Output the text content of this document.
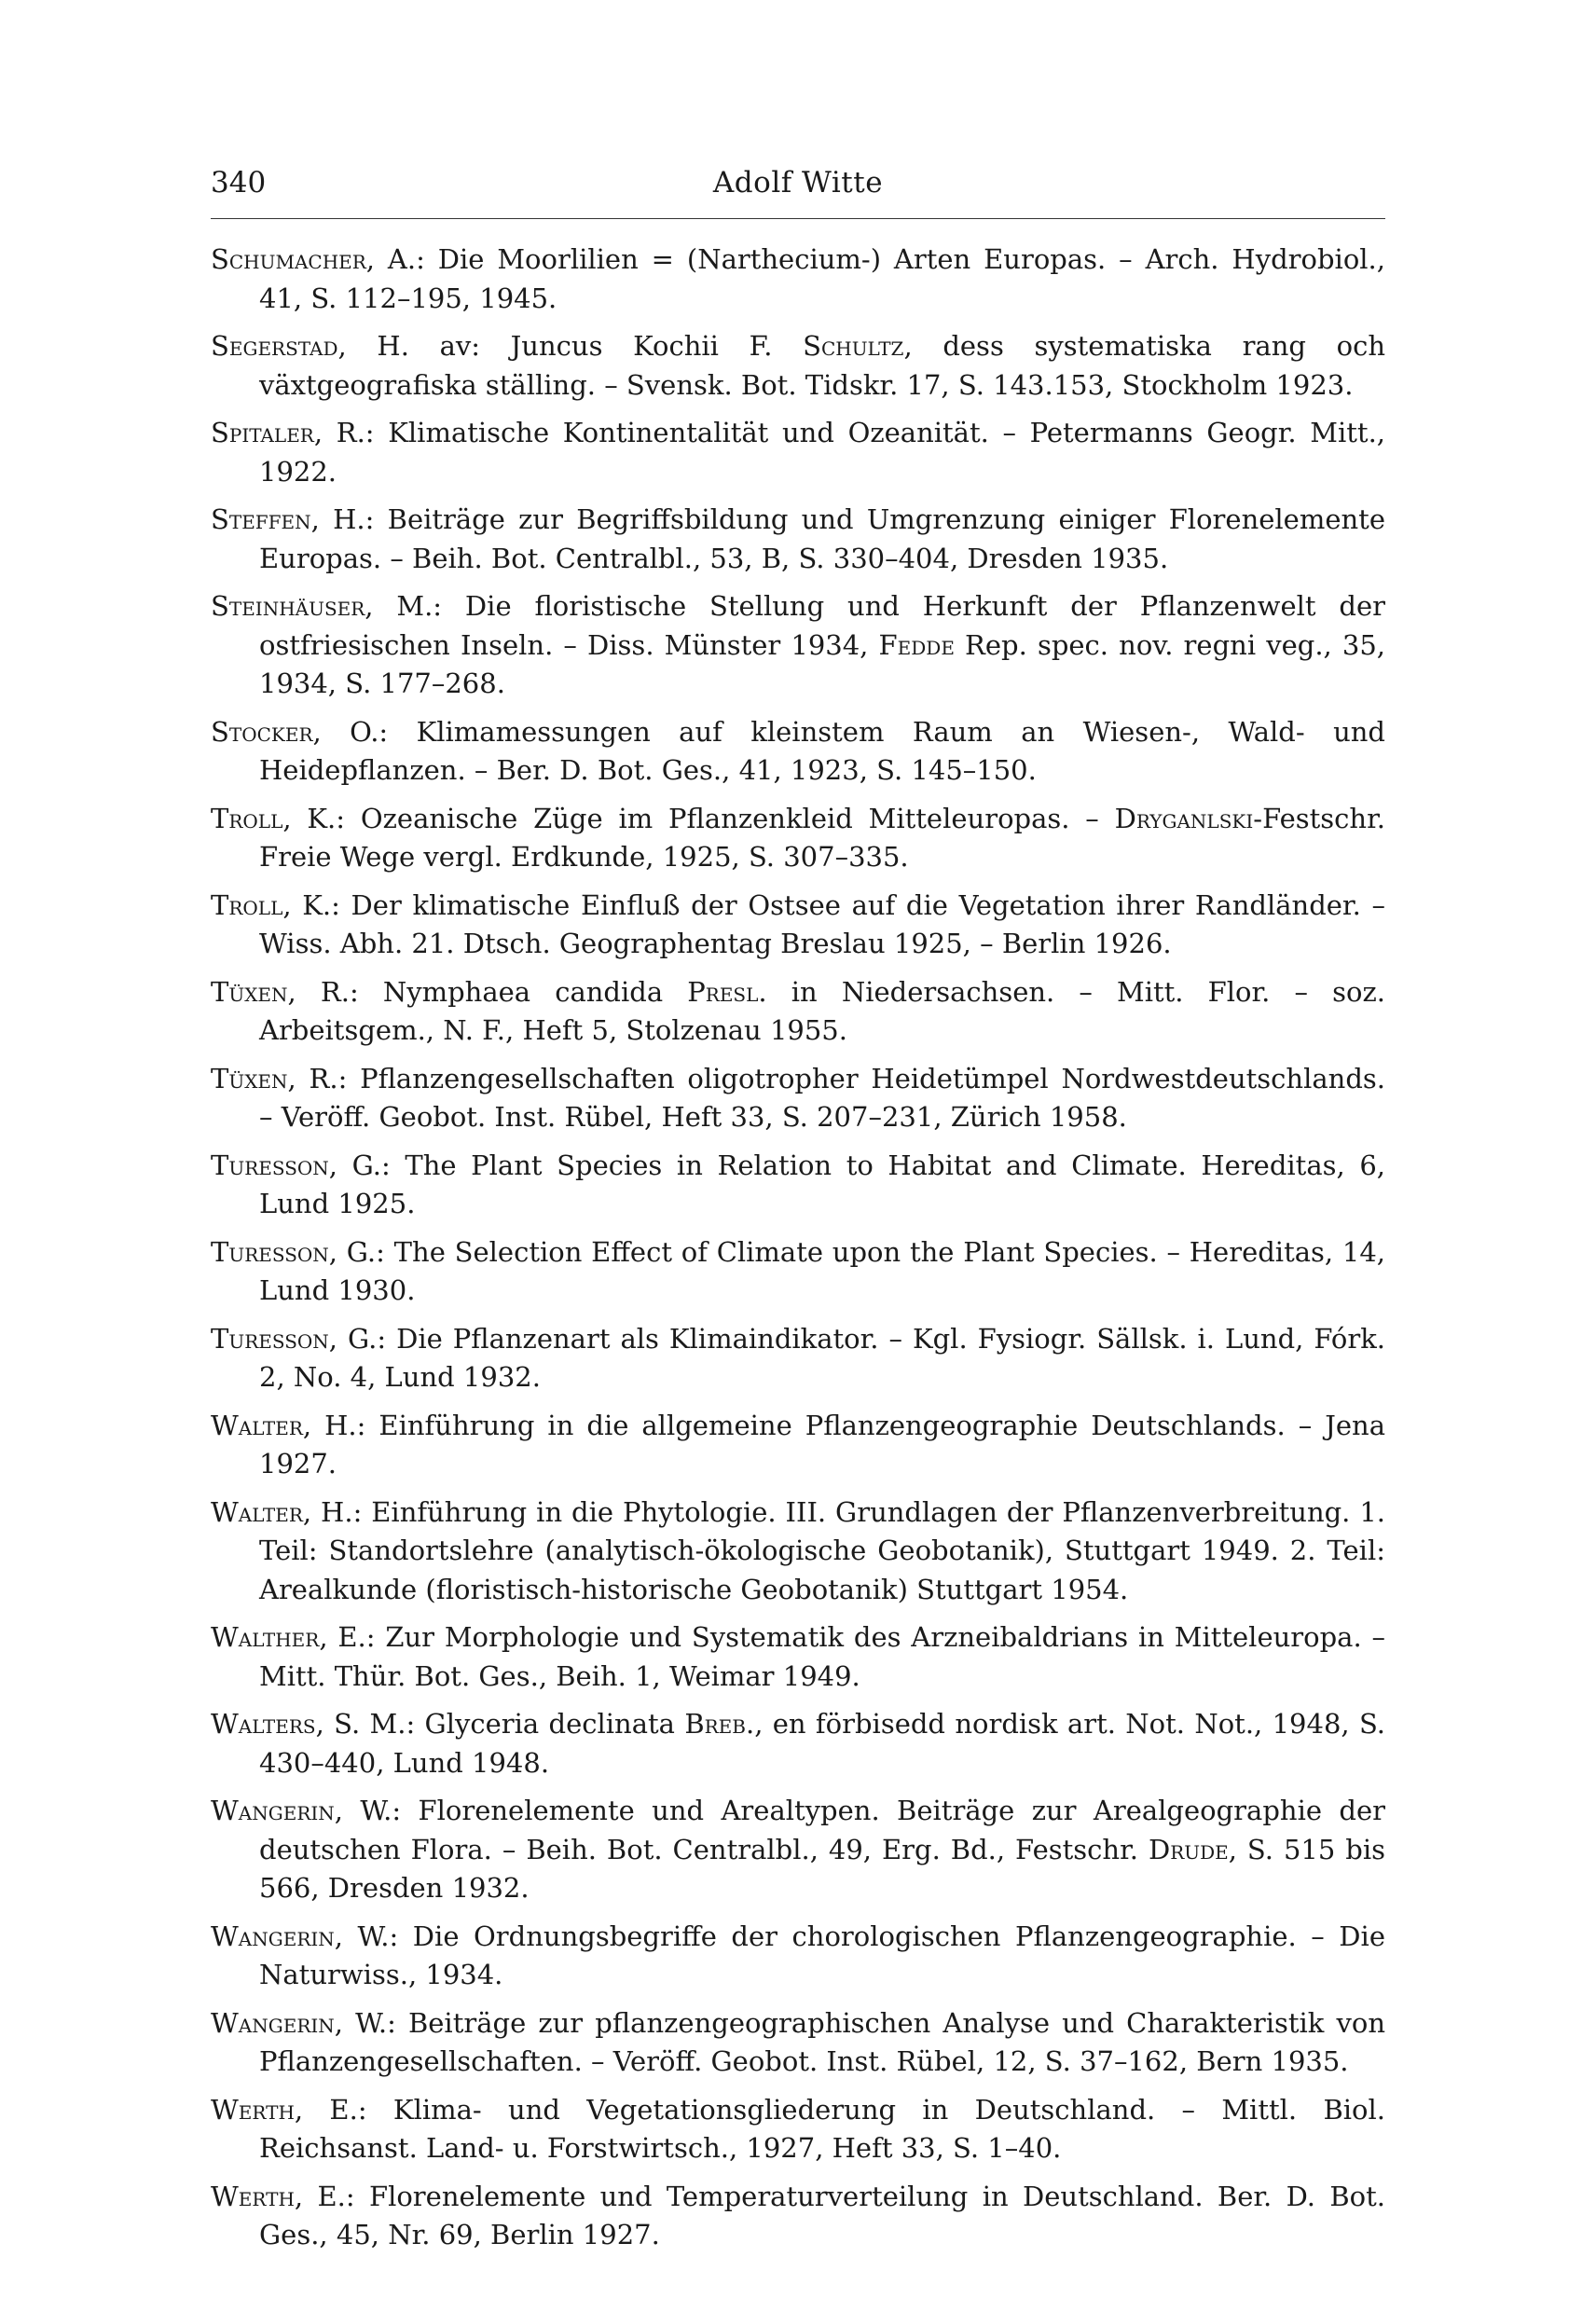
340	Adolf Witte

Schumacher, A.: Die Moorlilien = (Narthecium-) Arten Europas. – Arch. Hydrobiol., 41, S. 112–195, 1945.

Segerstad, H. av: Juncus Kochii F. Schultz, dess systematiska rang och växtgeografiska ställing. – Svensk. Bot. Tidskr. 17, S. 143.153, Stockholm 1923.

Spitaler, R.: Klimatische Kontinentalität und Ozeanität. – Petermanns Geogr. Mitt., 1922.

Steffen, H.: Beiträge zur Begriffsbildung und Umgrenzung einiger Florenelemente Europas. – Beih. Bot. Centralbl., 53, B, S. 330–404, Dresden 1935.

Steinhäuser, M.: Die floristische Stellung und Herkunft der Pflanzenwelt der ostfriesischen Inseln. – Diss. Münster 1934, Fedde Rep. spec. nov. regni veg., 35, 1934, S. 177–268.

Stocker, O.: Klimamessungen auf kleinstem Raum an Wiesen-, Wald- und Heidepflanzen. – Ber. D. Bot. Ges., 41, 1923, S. 145–150.

Troll, K.: Ozeanische Züge im Pflanzenkleid Mitteleuropas. – Dryganlski-Festschr. Freie Wege vergl. Erdkunde, 1925, S. 307–335.

Troll, K.: Der klimatische Einfluß der Ostsee auf die Vegetation ihrer Randländer. – Wiss. Abh. 21. Dtsch. Geographentag Breslau 1925, – Berlin 1926.

Tüxen, R.: Nymphaea candida Presl. in Niedersachsen. – Mitt. Flor. – soz. Arbeitsgem., N. F., Heft 5, Stolzenau 1955.

Tüxen, R.: Pflanzengesellschaften oligotropher Heidetümpel Nordwestdeutschlands. – Veröff. Geobot. Inst. Rübel, Heft 33, S. 207–231, Zürich 1958.

Turesson, G.: The Plant Species in Relation to Habitat and Climate. Hereditas, 6, Lund 1925.

Turesson, G.: The Selection Effect of Climate upon the Plant Species. – Hereditas, 14, Lund 1930.

Turesson, G.: Die Pflanzenart als Klimaindikator. – Kgl. Fysiogr. Sällsk. i. Lund, Fórk. 2, No. 4, Lund 1932.

Walter, H.: Einführung in die allgemeine Pflanzengeographie Deutschlands. – Jena 1927.

Walter, H.: Einführung in die Phytologie. III. Grundlagen der Pflanzenverbreitung. 1. Teil: Standortslehre (analytisch-ökologische Geobotanik), Stuttgart 1949. 2. Teil: Arealkunde (floristisch-historische Geobotanik) Stuttgart 1954.

Walther, E.: Zur Morphologie und Systematik des Arzneibaldrians in Mitteleuropa. – Mitt. Thür. Bot. Ges., Beih. 1, Weimar 1949.

Walters, S. M.: Glyceria declinata Breb., en förbisedd nordisk art. Not. Not., 1948, S. 430–440, Lund 1948.

Wangerin, W.: Florenelemente und Arealtypen. Beiträge zur Arealgeographie der deutschen Flora. – Beih. Bot. Centralbl., 49, Erg. Bd., Festschr. Drude, S. 515 bis 566, Dresden 1932.

Wangerin, W.: Die Ordnungsbegriffe der chorologischen Pflanzengeographie. – Die Naturwiss., 1934.

Wangerin, W.: Beiträge zur pflanzengeographischen Analyse und Charakteristik von Pflanzengesellschaften. – Veröff. Geobot. Inst. Rübel, 12, S. 37–162, Bern 1935.

Werth, E.: Klima- und Vegetationsgliederung in Deutschland. – Mittl. Biol. Reichsanst. Land- u. Forstwirtsch., 1927, Heft 33, S. 1–40.

Werth, E.: Florenelemente und Temperaturverteilung in Deutschland. Ber. D. Bot. Ges., 45, Nr. 69, Berlin 1927.
